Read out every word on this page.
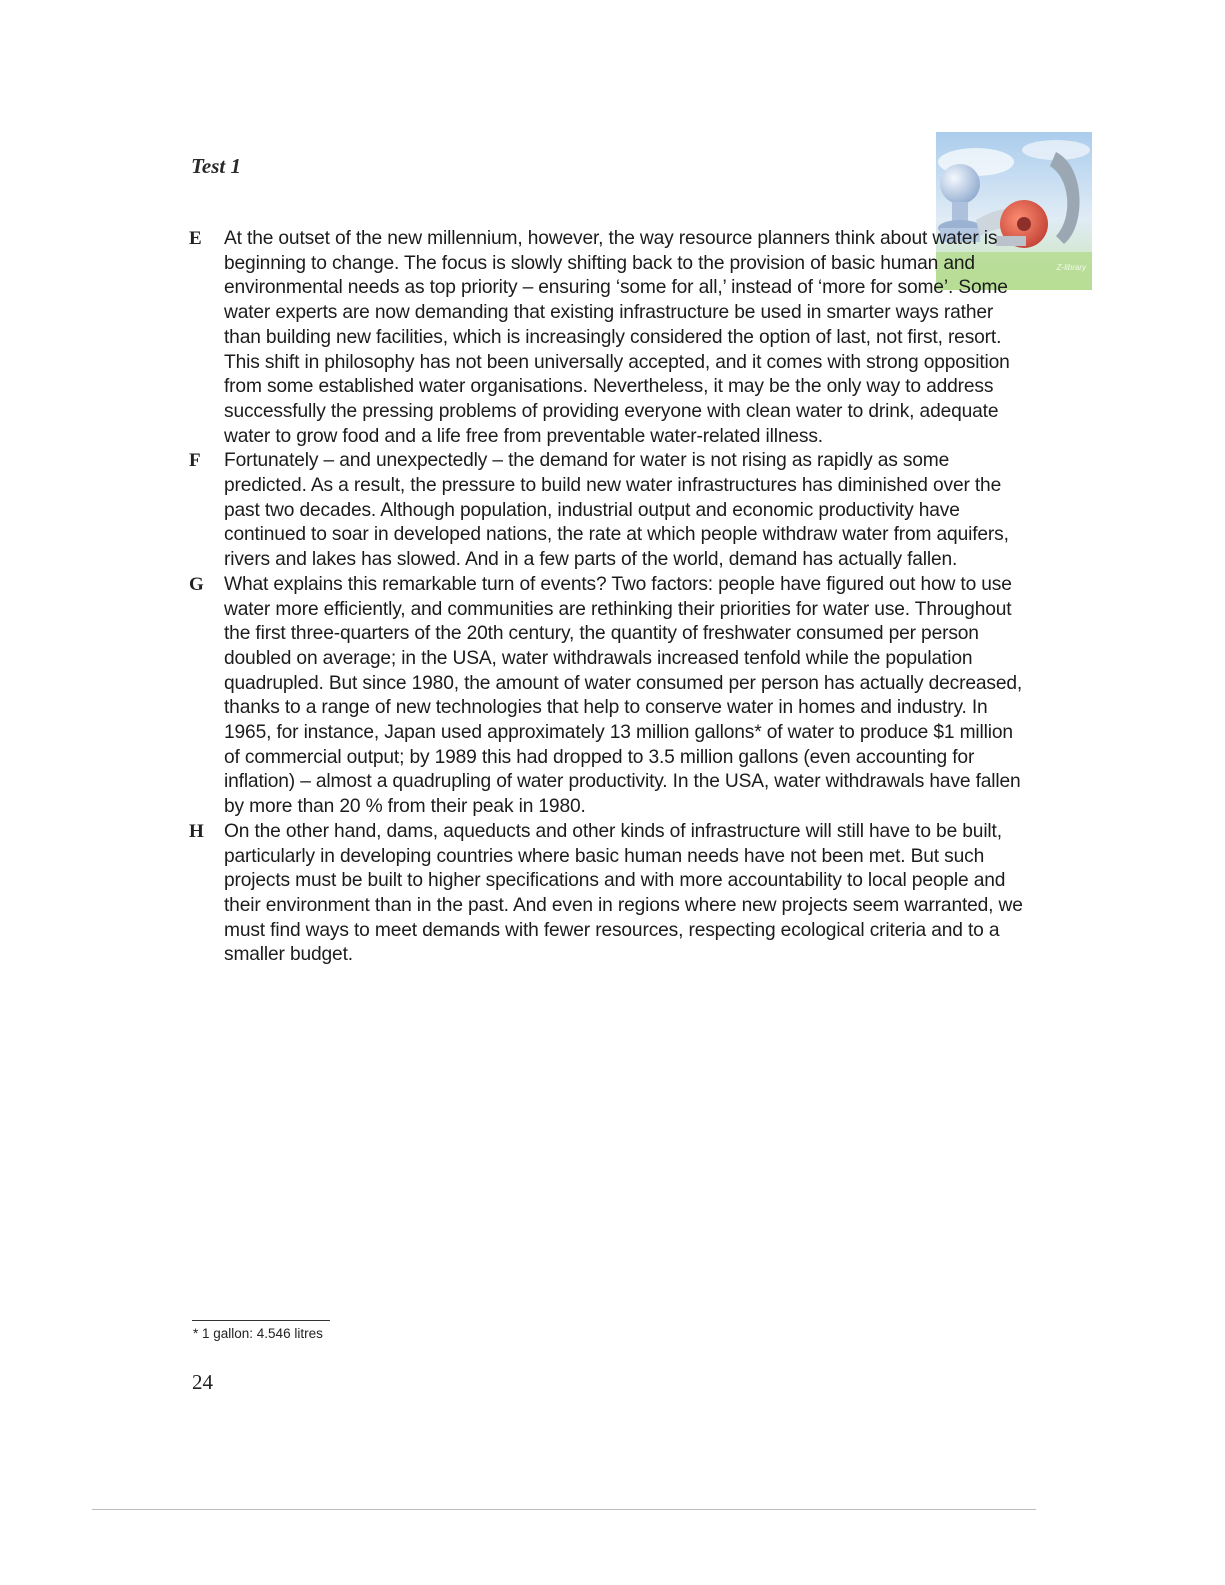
Test 1
Z-library
E At the outset of the new millennium, however, the way resource planners think about water is beginning to change. The focus is slowly shifting back to the provision of basic human and environmental needs as top priority – ensuring ‘some for all,’ instead of ‘more for some’. Some water experts are now demanding that existing infrastructure be used in smarter ways rather than building new facilities, which is increasingly considered the option of last, not first, resort. This shift in philosophy has not been universally accepted, and it comes with strong opposition from some established water organisations. Nevertheless, it may be the only way to address successfully the pressing problems of providing everyone with clean water to drink, adequate water to grow food and a life free from preventable water-related illness.
F Fortunately – and unexpectedly – the demand for water is not rising as rapidly as some predicted. As a result, the pressure to build new water infrastructures has diminished over the past two decades. Although population, industrial output and economic productivity have continued to soar in developed nations, the rate at which people withdraw water from aquifers, rivers and lakes has slowed. And in a few parts of the world, demand has actually fallen.
G What explains this remarkable turn of events? Two factors: people have figured out how to use water more efficiently, and communities are rethinking their priorities for water use. Throughout the first three-quarters of the 20th century, the quantity of freshwater consumed per person doubled on average; in the USA, water withdrawals increased tenfold while the population quadrupled. But since 1980, the amount of water consumed per person has actually decreased, thanks to a range of new technologies that help to conserve water in homes and industry. In 1965, for instance, Japan used approximately 13 million gallons* of water to produce $1 million of commercial output; by 1989 this had dropped to 3.5 million gallons (even accounting for inflation) – almost a quadrupling of water productivity. In the USA, water withdrawals have fallen by more than 20 % from their peak in 1980.
H On the other hand, dams, aqueducts and other kinds of infrastructure will still have to be built, particularly in developing countries where basic human needs have not been met. But such projects must be built to higher specifications and with more accountability to local people and their environment than in the past. And even in regions where new projects seem warranted, we must find ways to meet demands with fewer resources, respecting ecological criteria and to a smaller budget.
* 1 gallon: 4.546 litres
24
